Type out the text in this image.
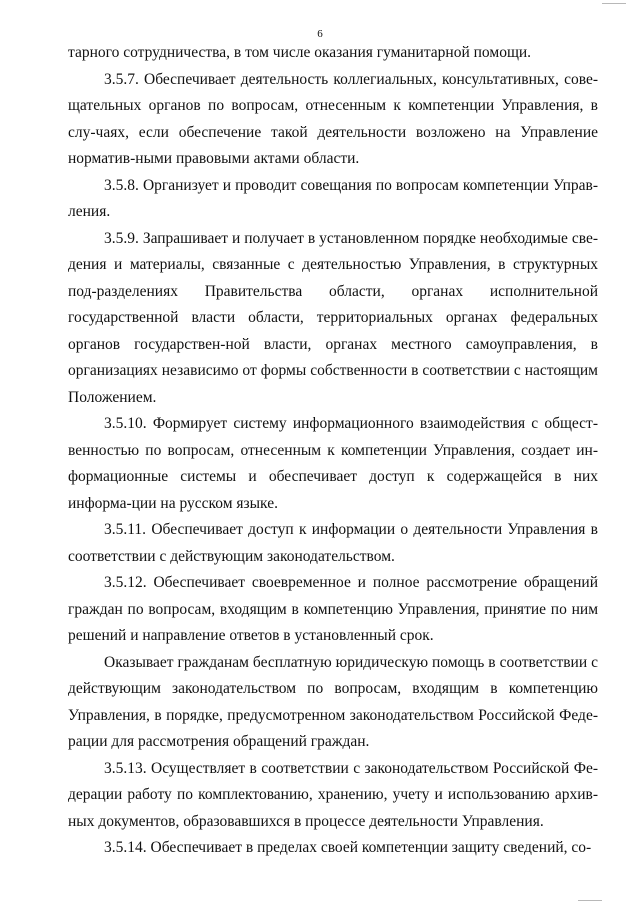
6

тарного сотрудничества, в том числе оказания гуманитарной помощи.

3.5.7. Обеспечивает деятельность коллегиальных, консультативных, сове-щательных органов по вопросам, отнесенным к компетенции Управления, в слу-чаях, если обеспечение такой деятельности возложено на Управление норматив-ными правовыми актами области.

3.5.8. Организует и проводит совещания по вопросам компетенции Управ-ления.

3.5.9. Запрашивает и получает в установленном порядке необходимые све-дения и материалы, связанные с деятельностью Управления, в структурных под-разделениях Правительства области, органах исполнительной государственной власти области, территориальных органах федеральных органов государствен-ной власти, органах местного самоуправления, в организациях независимо от формы собственности в соответствии с настоящим Положением.

3.5.10. Формирует систему информационного взаимодействия с общест-венностью по вопросам, отнесенным к компетенции Управления, создает ин-формационные системы и обеспечивает доступ к содержащейся в них информа-ции на русском языке.

3.5.11. Обеспечивает доступ к информации о деятельности Управления в соответствии с действующим законодательством.

3.5.12. Обеспечивает своевременное и полное рассмотрение обращений граждан по вопросам, входящим в компетенцию Управления, принятие по ним решений и направление ответов в установленный срок.

Оказывает гражданам бесплатную юридическую помощь в соответствии с действующим законодательством по вопросам, входящим в компетенцию Управления, в порядке, предусмотренном законодательством Российской Феде-рации для рассмотрения обращений граждан.

3.5.13. Осуществляет в соответствии с законодательством Российской Фе-дерации работу по комплектованию, хранению, учету и использованию архив-ных документов, образовавшихся в процессе деятельности Управления.

3.5.14. Обеспечивает в пределах своей компетенции защиту сведений, со-
